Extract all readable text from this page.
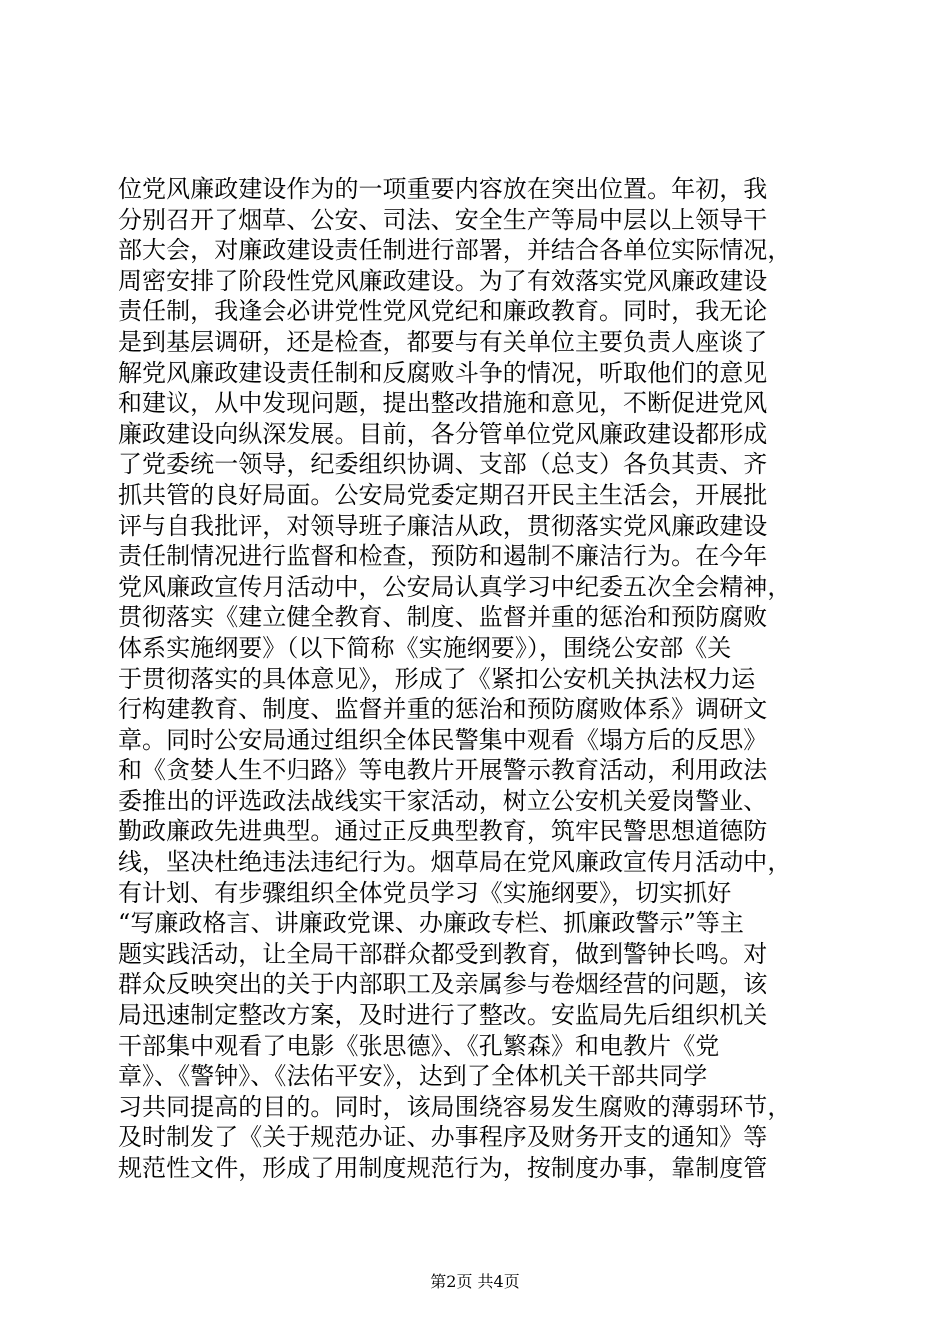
位党风廉政建设作为的一项重要内容放在突出位置。年初，我
分别召开了烟草、公安、司法、安全生产等局中层以上领导干
部大会，对廉政建设责任制进行部署，并结合各单位实际情况，
周密安排了阶段性党风廉政建设。为了有效落实党风廉政建设
责任制，我逢会必讲党性党风党纪和廉政教育。同时，我无论
是到基层调研，还是检查，都要与有关单位主要负责人座谈了
解党风廉政建设责任制和反腐败斗争的情况，听取他们的意见
和建议，从中发现问题，提出整改措施和意见，不断促进党风
廉政建设向纵深发展。目前，各分管单位党风廉政建设都形成
了党委统一领导，纪委组织协调、支部（总支）各负其责、齐
抓共管的良好局面。公安局党委定期召开民主生活会，开展批
评与自我批评，对领导班子廉洁从政，贯彻落实党风廉政建设
责任制情况进行监督和检查，预防和遏制不廉洁行为。在今年
党风廉政宣传月活动中，公安局认真学习中纪委五次全会精神，
贯彻落实《建立健全教育、制度、监督并重的惩治和预防腐败
体系实施纲要》（以下简称《实施纲要》），围绕公安部《关
于贯彻落实的具体意见》，形成了《紧扣公安机关执法权力运
行构建教育、制度、监督并重的惩治和预防腐败体系》调研文
章。同时公安局通过组织全体民警集中观看《塌方后的反思》
和《贪婪人生不归路》等电教片开展警示教育活动，利用政法
委推出的评选政法战线实干家活动，树立公安机关爱岗警业、
勤政廉政先进典型。通过正反典型教育，筑牢民警思想道德防
线，坚决杜绝违法违纪行为。烟草局在党风廉政宣传月活动中，
有计划、有步骤组织全体党员学习《实施纲要》，切实抓好
“写廉政格言、讲廉政党课、办廉政专栏、抓廉政警示”等主
题实践活动，让全局干部群众都受到教育，做到警钟长鸣。对
群众反映突出的关于内部职工及亲属参与卷烟经营的问题，该
局迅速制定整改方案，及时进行了整改。安监局先后组织机关
干部集中观看了电影《张思德》、《孔繁森》和电教片《党
章》、《警钟》、《法佑平安》，达到了全体机关干部共同学
习共同提高的目的。同时，该局围绕容易发生腐败的薄弱环节，
及时制发了《关于规范办证、办事程序及财务开支的通知》等
规范性文件，形成了用制度规范行为，按制度办事，靠制度管

第2页 共4页
